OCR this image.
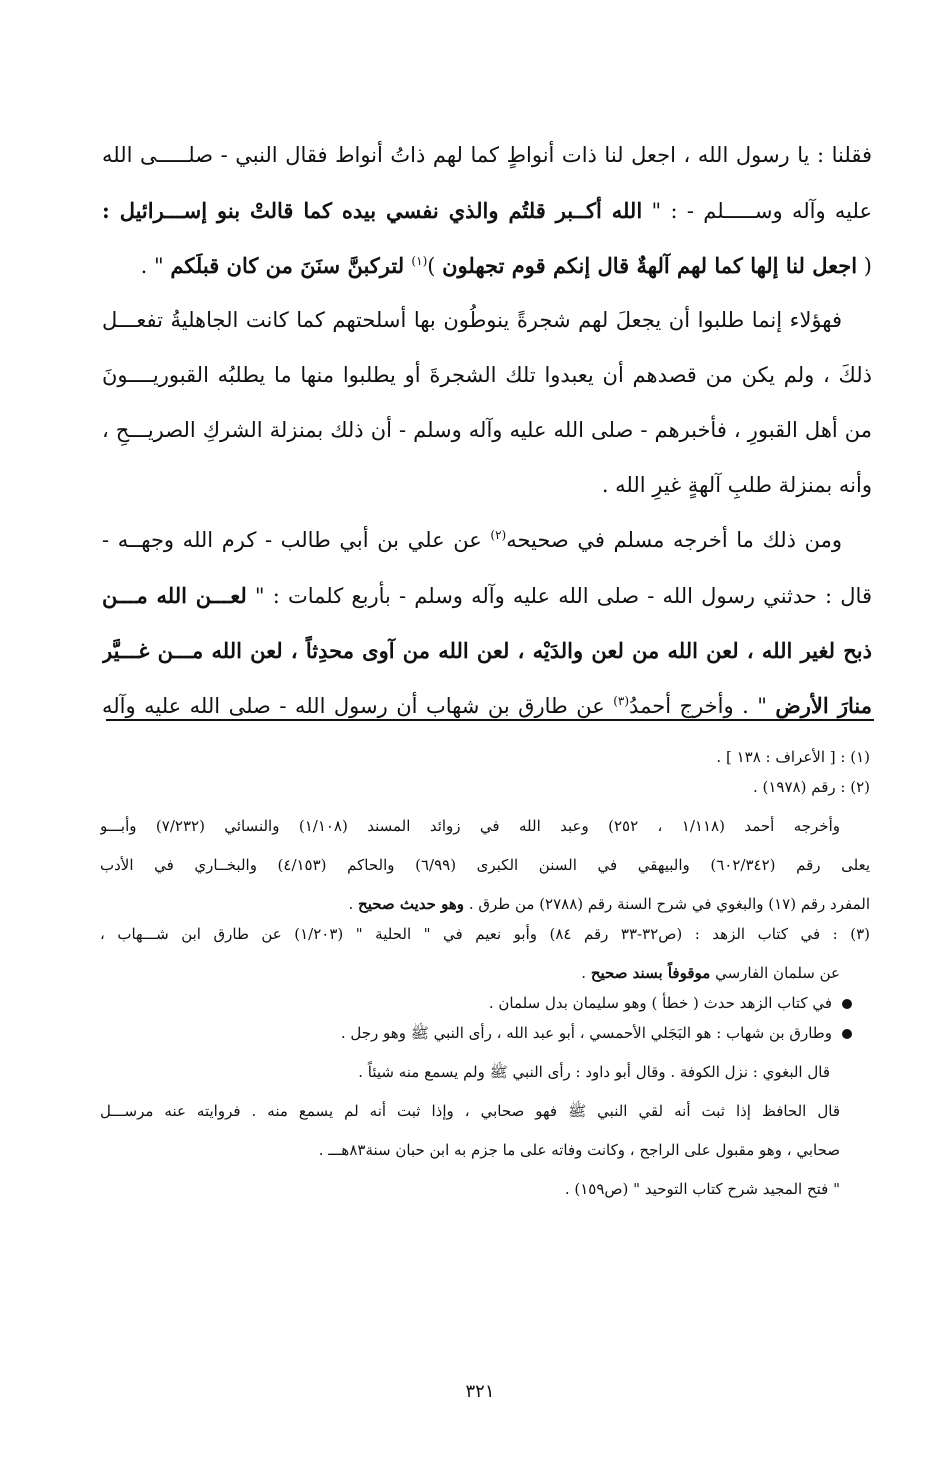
فقلنا : يا رسول الله ، اجعل لنا ذات أنواطٍ كما لهم ذاتُ أنواط فقال النبي - صلـــــى الله
عليه وآله وســـــلم - : " الله أكــبر قلتُم والذي نفسي بيده كما قالتْ بنو إســـرائيل :
( اجعل لنا إلها كما لهم آلهةٌ قال إنكم قوم تجهلون )$^{(١)}$ لتركبنَّ سنَنَ من كان قبلَكم " .
فهؤلاء إنما طلبوا أن يجعلَ لهم شجرةً ينوطُون بها أسلحتهم كما كانت الجاهليةُ تفعـــل
ذلكَ ، ولم يكن من قصدهم أن يعبدوا تلك الشجرةَ أو يطلبوا منها ما يطلبُه القبوريــــونَ
من أهل القبورِ ، فأخبرهم - صلى الله عليه وآله وسلم - أن ذلك بمنزلة الشركِ الصريـــحِ ،
وأنه بمنزلة طلبِ آلهةٍ غيرِ الله .
ومن ذلك ما أخرجه مسلم في صحيحه$^{(٢)}$ عن علي بن أبي طالب - كرم الله وجهــه -
قال : حدثني رسول الله - صلى الله عليه وآله وسلم - بأربع كلمات : " لعـــن الله مـــن
ذبح لغير الله ، لعن الله من لعن والدَيْه ، لعن الله من آوى محدِثاً ، لعن الله مـــن غـــيَّر
منارَ الأرض " . وأخرج أحمدُ$^{(٣)}$ عن طارق بن شهاب أن رسول الله - صلى الله عليه وآله
(١) : [ الأعراف : ١٣٨ ] .
(٢) : رقم (١٩٧٨) .
وأخرجه أحمد (١/١١٨ ، ٢٥٢) وعبد الله في زوائد المسند (١/١٠٨) والنسائي (٧/٢٣٢) وأبـــو
يعلى رقم (٦٠٢/٣٤٢) والبيهقي في السنن الكبرى (٦/٩٩) والحاكم (٤/١٥٣) والبخــاري في الأدب
المفرد رقم (١٧) والبغوي في شرح السنة رقم (٢٧٨٨) من طرق . وهو حديث صحيح .
(٣) : في كتاب الزهد : (ص٣٢-٣٣ رقم ٨٤) وأبو نعيم في " الحلية " (١/٢٠٣) عن طارق ابن شـــهاب ،
عن سلمان الفارسي موقوفاً بسند صحيح .
في كتاب الزهد حدث ( خطأ ) وهو سليمان بدل سلمان .
وطارق بن شهاب : هو البَجَلي الأحمسي ، أبو عبد الله ، رأى النبي ﷺ وهو رجل .
قال البغوي : نزل الكوفة . وقال أبو داود : رأى النبي ﷺ ولم يسمع منه شيئاً .
قال الحافظ إذا ثبت أنه لقي النبي ﷺ فهو صحابي ، وإذا ثبت أنه لم يسمع منه . فروايته عنه مرســـل
صحابي ، وهو مقبول على الراجح ، وكانت وفاته على ما جزم به ابن حبان سنة٨٣هـــ .
" فتح المجيد شرح كتاب التوحيد " (ص١٥٩) .
٣٢١
